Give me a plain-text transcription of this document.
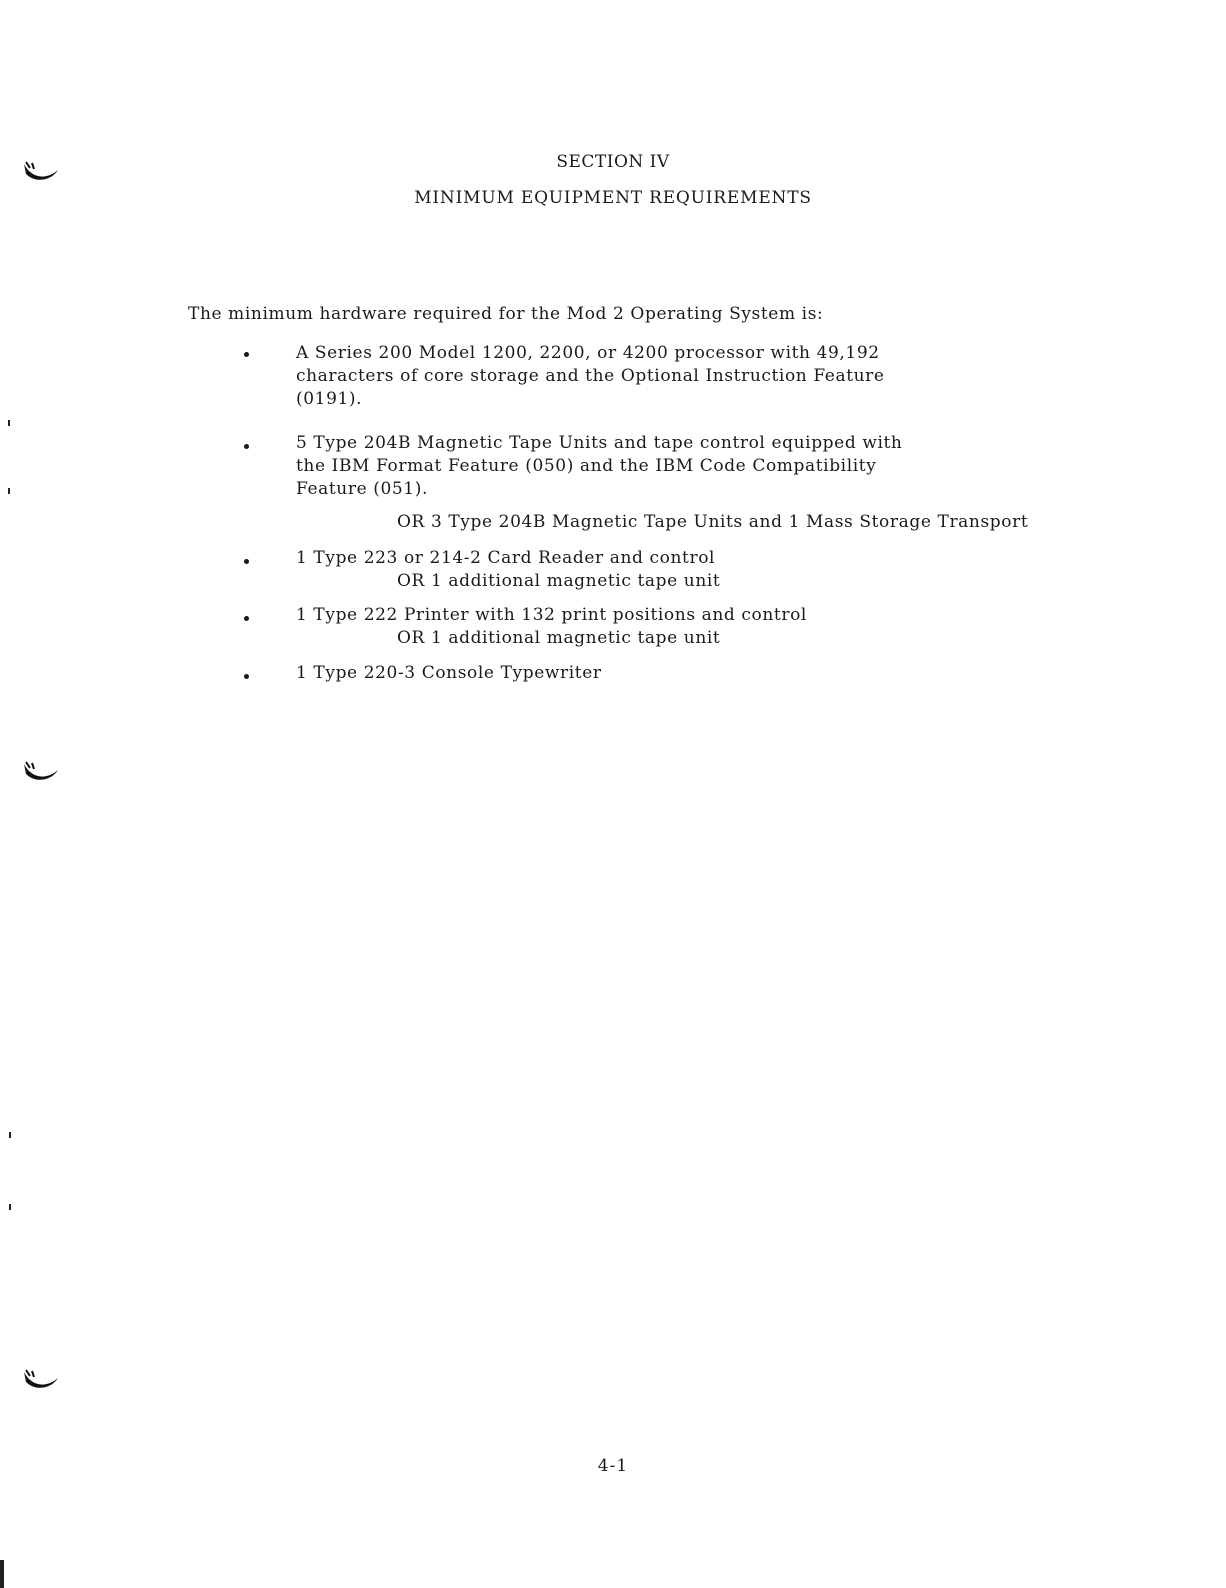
SECTION IV
MINIMUM EQUIPMENT REQUIREMENTS
The minimum hardware required for the Mod 2 Operating System is:
A Series 200 Model 1200, 2200, or 4200 processor with 49,192
characters of core storage and the Optional Instruction Feature
(0191).
5 Type 204B Magnetic Tape Units and tape control equipped with
the IBM Format Feature (050) and the IBM Code Compatibility
Feature (051).
OR 3 Type 204B Magnetic Tape Units and 1 Mass Storage Transport
1 Type 223 or 214-2 Card Reader and control
OR 1 additional magnetic tape unit
1 Type 222 Printer with 132 print positions and control
OR 1 additional magnetic tape unit
1 Type 220-3 Console Typewriter
4-1
